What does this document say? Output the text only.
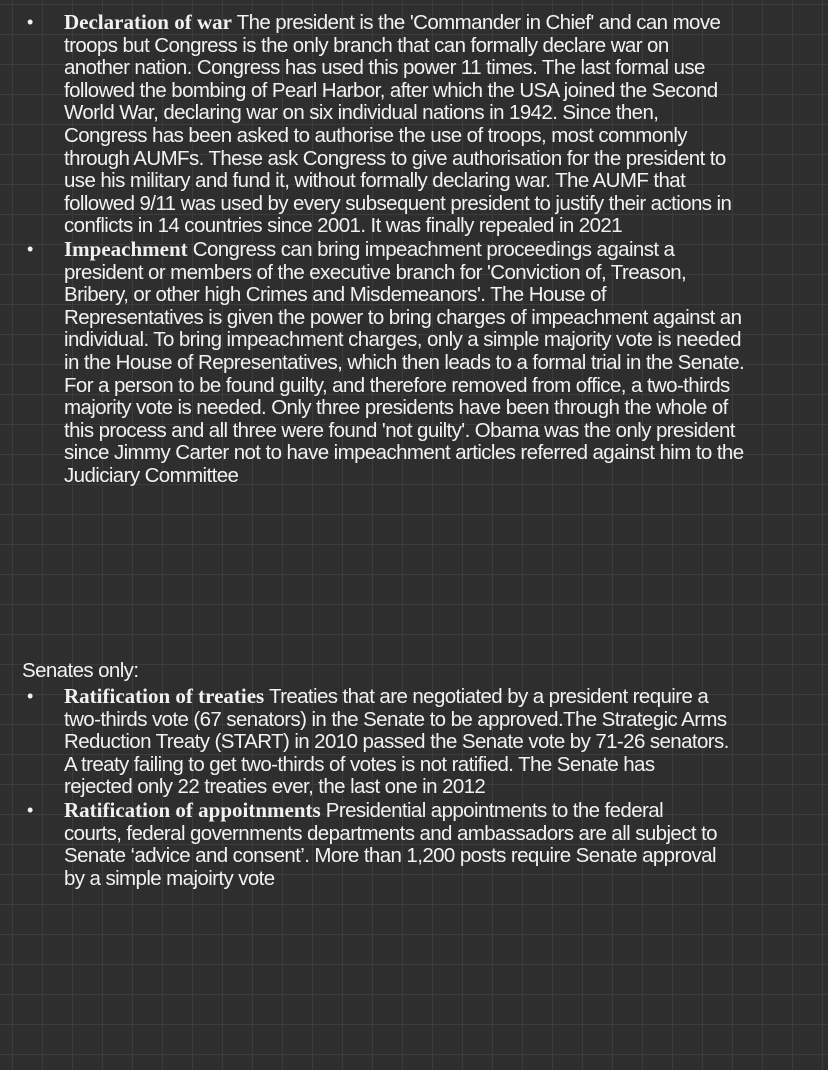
• Declaration of war The president is the 'Commander in Chief' and can move
troops but Congress is the only branch that can formally declare war on
another nation. Congress has used this power 11 times. The last formal use
followed the bombing of Pearl Harbor, after which the USA joined the Second
World War, declaring war on six individual nations in 1942. Since then,
Congress has been asked to authorise the use of troops, most commonly
through AUMFs. These ask Congress to give authorisation for the president to
use his military and fund it, without formally declaring war. The AUMF that
followed 9/11 was used by every subsequent president to justify their actions in
conflicts in 14 countries since 2001. It was finally repealed in 2021
• Impeachment Congress can bring impeachment proceedings against a
president or members of the executive branch for 'Conviction of, Treason,
Bribery, or other high Crimes and Misdemeanors'. The House of
Representatives is given the power to bring charges of impeachment against an
individual. To bring impeachment charges, only a simple majority vote is needed
in the House of Representatives, which then leads to a formal trial in the Senate.
For a person to be found guilty, and therefore removed from office, a two-thirds
majority vote is needed. Only three presidents have been through the whole of
this process and all three were found 'not guilty'. Obama was the only president
since Jimmy Carter not to have impeachment articles referred against him to the
Judiciary Committee
Senates only:
• Ratification of treaties Treaties that are negotiated by a president require a
two-thirds vote (67 senators) in the Senate to be approved.The Strategic Arms
Reduction Treaty (START) in 2010 passed the Senate vote by 71-26 senators.
A treaty failing to get two-thirds of votes is not ratified. The Senate has
rejected only 22 treaties ever, the last one in 2012
• Ratification of appoitnments Presidential appointments to the federal
courts, federal governments departments and ambassadors are all subject to
Senate ‘advice and consent’. More than 1,200 posts require Senate approval
by a simple majoirty vote
